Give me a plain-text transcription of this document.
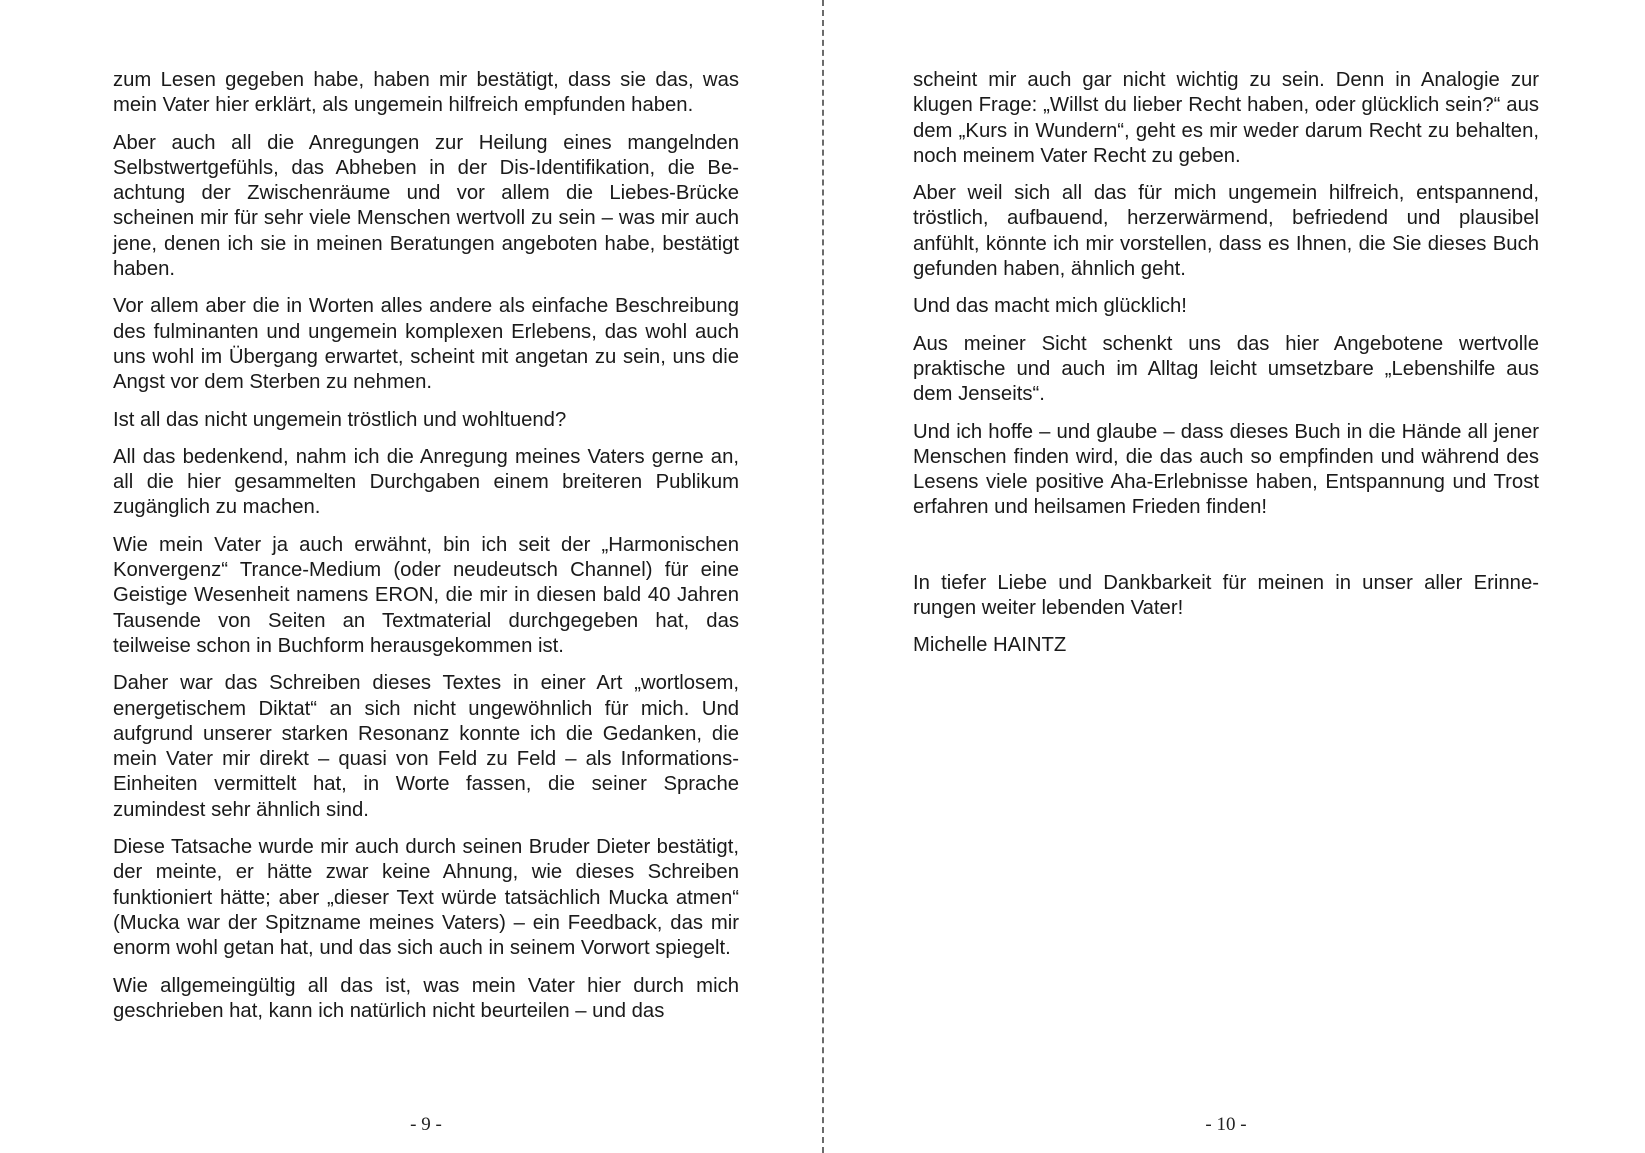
zum Lesen gegeben habe, haben mir bestätigt, dass sie das, was mein Vater hier erklärt, als ungemein hilfreich empfunden haben.

Aber auch all die Anregungen zur Heilung eines mangelnden Selbstwertgefühls, das Abheben in der Dis-Identifikation, die Beachtung der Zwischenräume und vor allem die Liebes-Brücke scheinen mir für sehr viele Menschen wertvoll zu sein – was mir auch jene, denen ich sie in meinen Beratungen angeboten habe, bestätigt haben.

Vor allem aber die in Worten alles andere als einfache Beschreibung des fulminanten und ungemein komplexen Erlebens, das wohl auch uns wohl im Übergang erwartet, scheint mit angetan zu sein, uns die Angst vor dem Sterben zu nehmen.

Ist all das nicht ungemein tröstlich und wohltuend?

All das bedenkend, nahm ich die Anregung meines Vaters gerne an, all die hier gesammelten Durchgaben einem breiteren Publikum zugänglich zu machen.

Wie mein Vater ja auch erwähnt, bin ich seit der „Harmonischen Konvergenz“ Trance-Medium (oder neudeutsch Channel) für eine Geistige Wesenheit namens ERON, die mir in diesen bald 40 Jahren Tausende von Seiten an Textmaterial durchgegeben hat, das teilweise schon in Buchform herausgekommen ist.

Daher war das Schreiben dieses Textes in einer Art „wortlosem, energetischem Diktat“ an sich nicht ungewöhnlich für mich. Und aufgrund unserer starken Resonanz konnte ich die Gedanken, die mein Vater mir direkt – quasi von Feld zu Feld – als Informations-Einheiten vermittelt hat, in Worte fassen, die seiner Sprache zumindest sehr ähnlich sind.

Diese Tatsache wurde mir auch durch seinen Bruder Dieter bestätigt, der meinte, er hätte zwar keine Ahnung, wie dieses Schreiben funktioniert hätte; aber „dieser Text würde tatsächlich Mucka atmen“ (Mucka war der Spitzname meines Vaters) – ein Feedback, das mir enorm wohl getan hat, und das sich auch in seinem Vorwort spiegelt.

Wie allgemeingültig all das ist, was mein Vater hier durch mich geschrieben hat, kann ich natürlich nicht beurteilen – und das

scheint mir auch gar nicht wichtig zu sein. Denn in Analogie zur klugen Frage: „Willst du lieber Recht haben, oder glücklich sein?“ aus dem „Kurs in Wundern“, geht es mir weder darum Recht zu behalten, noch meinem Vater Recht zu geben.

Aber weil sich all das für mich ungemein hilfreich, entspannend, tröstlich, aufbauend, herzerwärmend, befriedend und plausibel anfühlt, könnte ich mir vorstellen, dass es Ihnen, die Sie dieses Buch gefunden haben, ähnlich geht.

Und das macht mich glücklich!

Aus meiner Sicht schenkt uns das hier Angebotene wertvolle praktische und auch im Alltag leicht umsetzbare „Lebenshilfe aus dem Jenseits“.

Und ich hoffe – und glaube – dass dieses Buch in die Hände all jener Menschen finden wird, die das auch so empfinden und während des Lesens viele positive Aha-Erlebnisse haben, Entspannung und Trost erfahren und heilsamen Frieden finden!

In tiefer Liebe und Dankbarkeit für meinen in unser aller Erinnerungen weiter lebenden Vater!

Michelle HAINTZ

- 9 -	- 10 -
